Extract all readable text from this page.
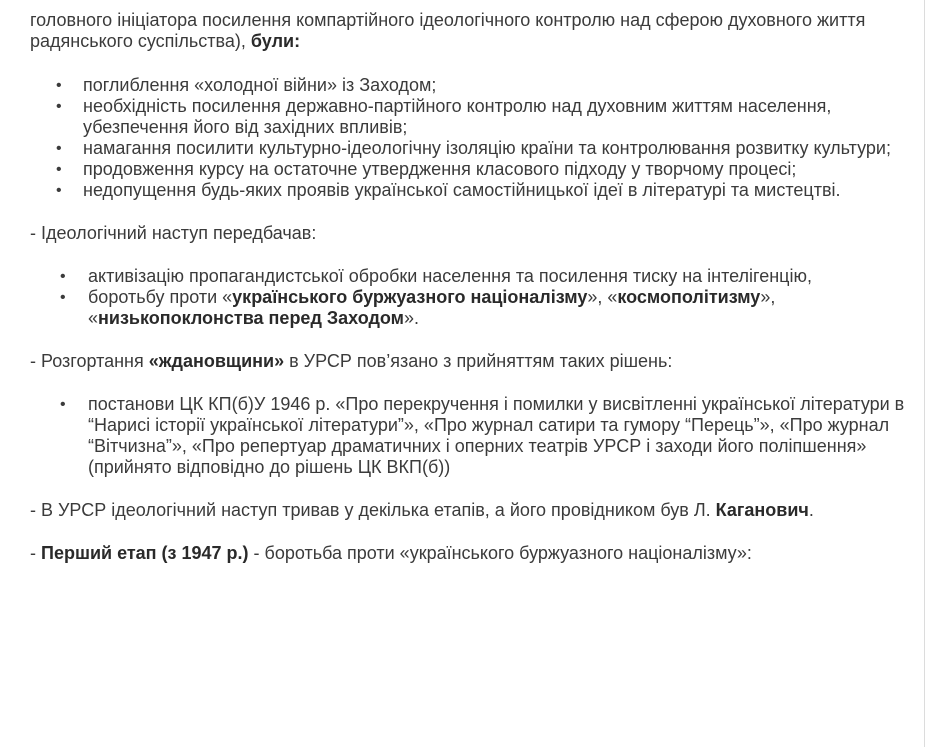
головного ініціатора посилення компартійного ідеологічного контролю над сферою духовного життя радянського суспільства), були:

• поглиблення «холодної війни» із Заходом;
• необхідність посилення державно-партійного контролю над духовним життям населення, убезпечення його від західних впливів;
• намагання посилити культурно-ідеологічну ізоляцію країни та контролювання розвитку культури;
• продовження курсу на остаточне утвердження класового підходу у творчому процесі;
• недопущення будь-яких проявів української самостійницької ідеї в літературі та мистецтві.

- Ідеологічний наступ передбачав:

• активізацію пропагандистської обробки населення та посилення тиску на інтелігенцію,
• боротьбу проти «українського буржуазного націоналізму», «космополітизму», «низькопоклонства перед Заходом».

- Розгортання «ждановщини» в УРСР пов’язано з прийняттям таких рішень:

• постанови ЦК КП(б)У 1946 р. «Про перекручення і помилки у висвітленні української літератури в “Нарисі історії української літератури”», «Про журнал сатири та гумору “Перець”», «Про журнал “Вітчизна”», «Про репертуар драматичних і оперних театрів УРСР і заходи його поліпшення» (прийнято відповідно до рішень ЦК ВКП(б))

- В УРСР ідеологічний наступ тривав у декілька етапів, а його провідником був Л. Каганович.

- Перший етап (з 1947 р.) - боротьба проти «українського буржуазного націоналізму»:
